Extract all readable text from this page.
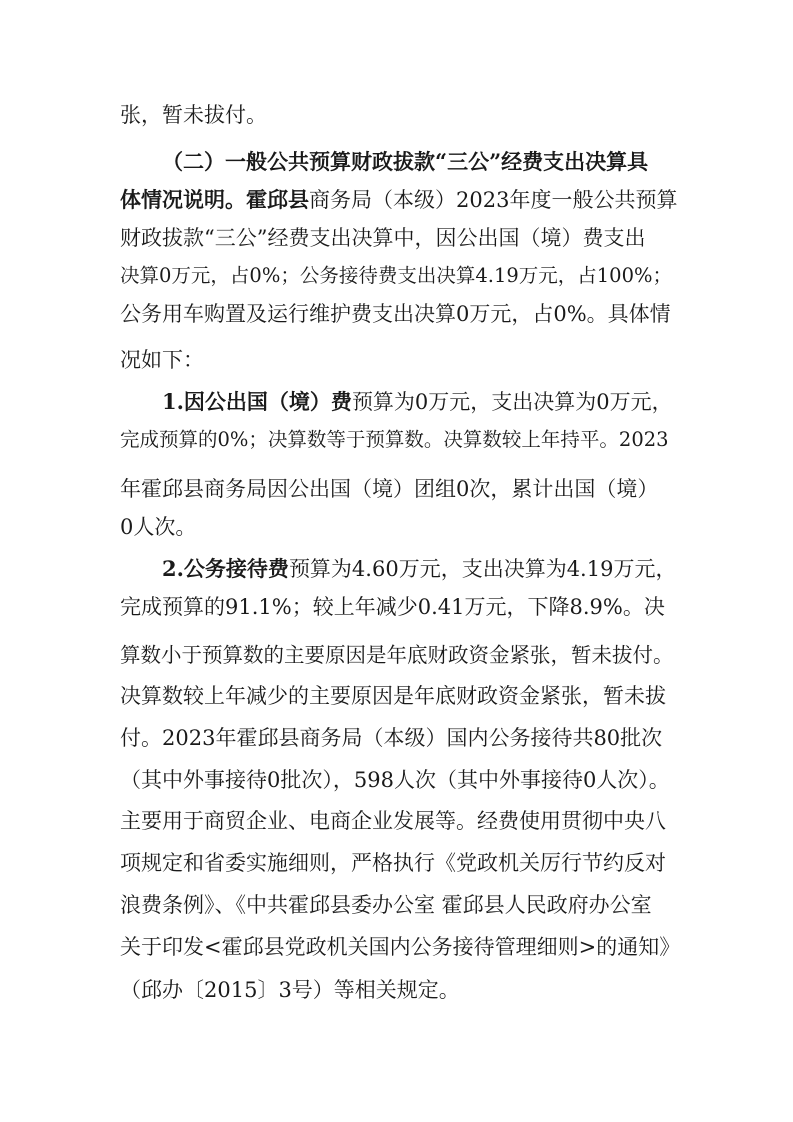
张，暂未拔付。
（二）一般公共预算财政拔款“三公”经费支出决算具
体情况说明。霍邱县商务局（本级）2023年度一般公共预算
财政拔款“三公”经费支出决算中，因公出国（境）费支出
决算0万元，占0%；公务接待费支出决算4.19万元，占100%；
公务用车购置及运行维护费支出决算0万元，占0%。具体情
况如下：
1.因公出国（境）费预算为0万元，支出决算为0万元，
完成预算的0%；决算数等于预算数。决算数较上年持平。2023
年霍邱县商务局因公出国（境）团组0次，累计出国（境）
0人次。
2.公务接待费预算为4.60万元，支出决算为4.19万元，
完成预算的91.1%；较上年减少0.41万元，下降8.9%。决
算数小于预算数的主要原因是年底财政资金紧张，暂未拔付。
决算数较上年减少的主要原因是年底财政资金紧张，暂未拔
付。2023年霍邱县商务局（本级）国内公务接待共80批次
（其中外事接待0批次），598人次（其中外事接待0人次）。
主要用于商贸企业、电商企业发展等。经费使用贯彻中央八
项规定和省委实施细则，严格执行《党政机关厉行节约反对
浪费条例》、《中共霍邱县委办公室 霍邱县人民政府办公室
关于印发<霍邱县党政机关国内公务接待管理细则>的通知》
（邱办〔2015〕3号）等相关规定。
